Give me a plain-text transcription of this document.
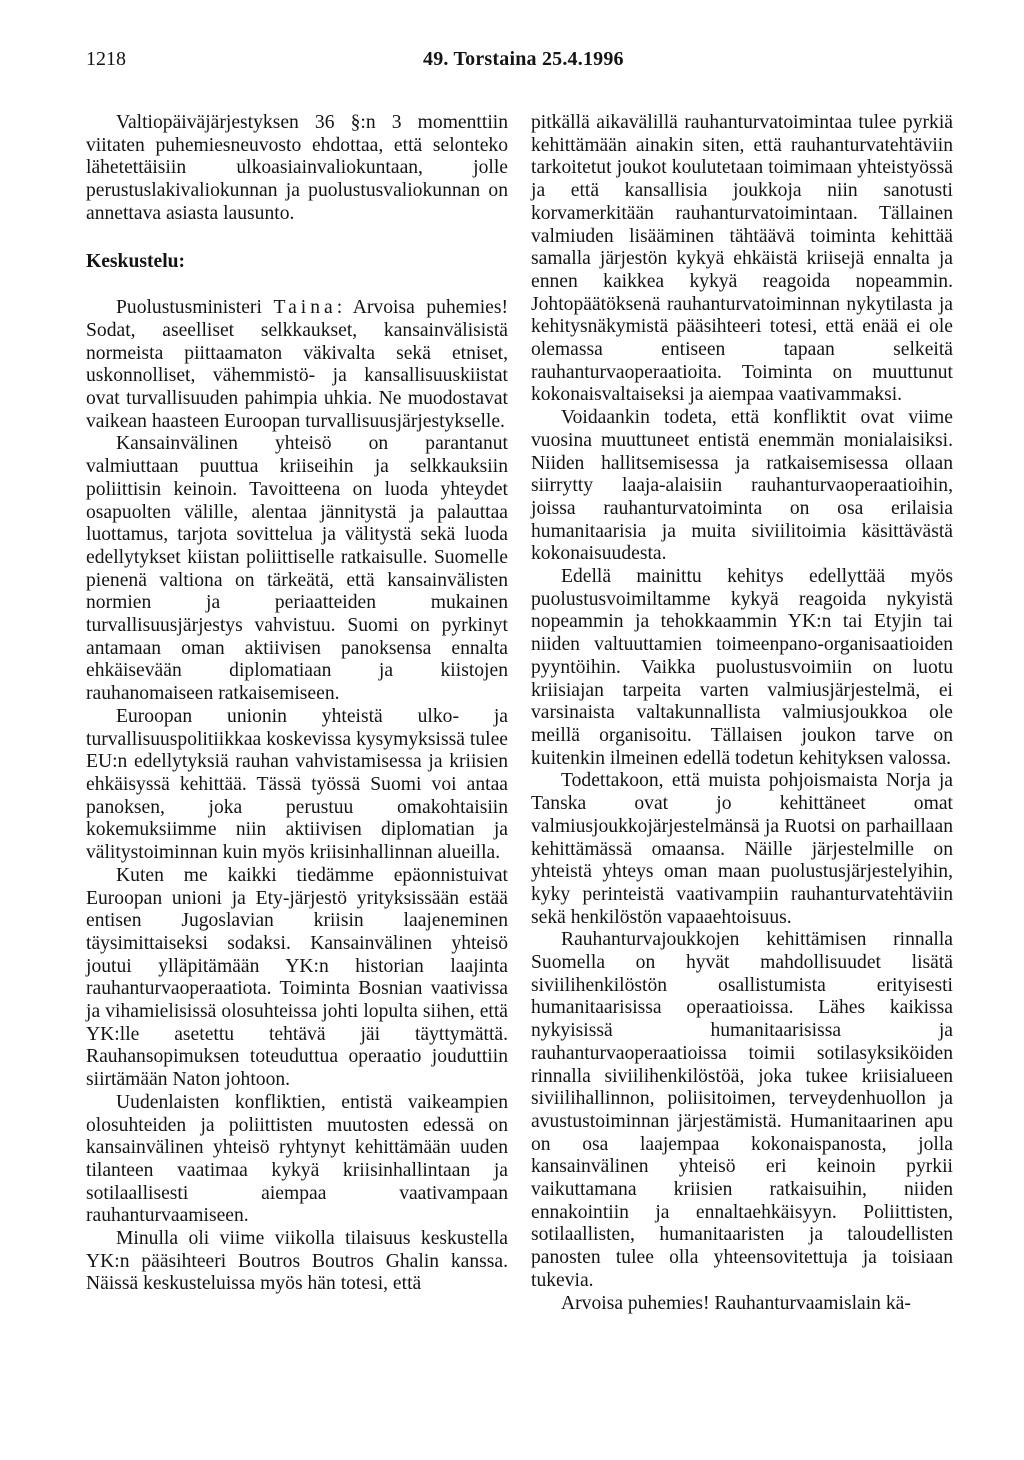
1218	49. Torstaina 25.4.1996

Valtiopäiväjärjestyksen 36 §:n 3 momenttiin viitaten puhemiesneuvosto ehdottaa, että selonteko lähetettäisiin ulkoasiainvaliokuntaan, jolle perustuslakivaliokunnan ja puolustusvaliokunnan on annettava asiasta lausunto.

Keskustelu:

Puolustusministeri Taina: Arvoisa puhemies! Sodat, aseelliset selkkaukset, kansainvälisistä normeista piittaamaton väkivalta sekä etniset, uskonnolliset, vähemmistö- ja kansallisuuskiistat ovat turvallisuuden pahimpia uhkia. Ne muodostavat vaikean haasteen Euroopan turvallisuusjärjestykselle.

Kansainvälinen yhteisö on parantanut valmiuttaan puuttua kriiseihin ja selkkauksiin poliittisin keinoin. Tavoitteena on luoda yhteydet osapuolten välille, alentaa jännitystä ja palauttaa luottamus, tarjota sovittelua ja välitystä sekä luoda edellytykset kiistan poliittiselle ratkaisulle. Suomelle pienenä valtiona on tärkeätä, että kansainvälisten normien ja periaatteiden mukainen turvallisuusjärjestys vahvistuu. Suomi on pyrkinyt antamaan oman aktiivisen panoksensa ennalta ehkäisevään diplomatiaan ja kiistojen rauhanomaiseen ratkaisemiseen.

Euroopan unionin yhteistä ulko- ja turvallisuuspolitiikkaa koskevissa kysymyksissä tulee EU:n edellytyksiä rauhan vahvistamisessa ja kriisien ehkäisyssä kehittää. Tässä työssä Suomi voi antaa panoksen, joka perustuu omakohtaisiin kokemuksiimme niin aktiivisen diplomatian ja välitystoiminnan kuin myös kriisinhallinnan alueilla.

Kuten me kaikki tiedämme epäonnistuivat Euroopan unioni ja Ety-järjestö yrityksissään estää entisen Jugoslavian kriisin laajeneminen täysimittaiseksi sodaksi. Kansainvälinen yhteisö joutui ylläpitämään YK:n historian laajinta rauhanturvaoperaatiota. Toiminta Bosnian vaativissa ja vihamielisissä olosuhteissa johti lopulta siihen, että YK:lle asetettu tehtävä jäi täyttymättä. Rauhansopimuksen toteuduttua operaatio jouduttiin siirtämään Naton johtoon.

Uudenlaisten konfliktien, entistä vaikeampien olosuhteiden ja poliittisten muutosten edessä on kansainvälinen yhteisö ryhtynyt kehittämään uuden tilanteen vaatimaa kykyä kriisinhallintaan ja sotilaallisesti aiempaa vaativampaan rauhanturvaamiseen.

Minulla oli viime viikolla tilaisuus keskustella YK:n pääsihteeri Boutros Boutros Ghalin kanssa. Näissä keskusteluissa myös hän totesi, että

pitkällä aikavälillä rauhanturvatoimintaa tulee pyrkiä kehittämään ainakin siten, että rauhanturvatehtäviin tarkoitetut joukot koulutetaan toimimaan yhteistyössä ja että kansallisia joukkoja niin sanotusti korvamerkitään rauhanturvatoimintaan. Tällainen valmiuden lisääminen tähtäävä toiminta kehittää samalla järjestön kykyä ehkäistä kriisejä ennalta ja ennen kaikkea kykyä reagoida nopeammin. Johtopäätöksenä rauhanturvatoiminnan nykytilasta ja kehitysnäkymistä pääsihteeri totesi, että enää ei ole olemassa entiseen tapaan selkeitä rauhanturvaoperaatioita. Toiminta on muuttunut kokonaisvaltaiseksi ja aiempaa vaativammaksi.

Voidaankin todeta, että konfliktit ovat viime vuosina muuttuneet entistä enemmän monialaisiksi. Niiden hallitsemisessa ja ratkaisemisessa ollaan siirrytty laaja-alaisiin rauhanturvaoperaatioihin, joissa rauhanturvatoiminta on osa erilaisia humanitaarisia ja muita siviilitoimia käsittävästä kokonaisuudesta.

Edellä mainittu kehitys edellyttää myös puolustusvoimiltamme kykyä reagoida nykyistä nopeammin ja tehokkaammin YK:n tai Etyjin tai niiden valtuuttamien toimeenpano-organisaatioiden pyyntöihin. Vaikka puolustusvoimiin on luotu kriisiajan tarpeita varten valmiusjärjestelmä, ei varsinaista valtakunnallista valmiusjoukkoa ole meillä organisoitu. Tällaisen joukon tarve on kuitenkin ilmeinen edellä todetun kehityksen valossa.

Todettakoon, että muista pohjoismaista Norja ja Tanska ovat jo kehittäneet omat valmiusjoukkojärjestelmänsä ja Ruotsi on parhaillaan kehittämässä omaansa. Näille järjestelmille on yhteistä yhteys oman maan puolustusjärjestelyihin, kyky perinteistä vaativampiin rauhanturvatehtäviin sekä henkilöstön vapaaehtoisuus.

Rauhanturvajoukkojen kehittämisen rinnalla Suomella on hyvät mahdollisuudet lisätä siviilihenkilöstön osallistumista erityisesti humanitaarisissa operaatioissa. Lähes kaikissa nykyisissä humanitaarisissa ja rauhanturvaoperaatioissa toimii sotilasyksiköiden rinnalla siviilihenkilöstöä, joka tukee kriisialueen siviilihallinnon, poliisitoimen, terveydenhuollon ja avustustoiminnan järjestämistä. Humanitaarinen apu on osa laajempaa kokonaispanosta, jolla kansainvälinen yhteisö eri keinoin pyrkii vaikuttamana kriisien ratkaisuihin, niiden ennakointiin ja ennaltaehkäisyyn. Poliittisten, sotilaallisten, humanitaaristen ja taloudellisten panosten tulee olla yhteensovitettuja ja toisiaan tukevia.

Arvoisa puhemies! Rauhanturvaamislain kä-
